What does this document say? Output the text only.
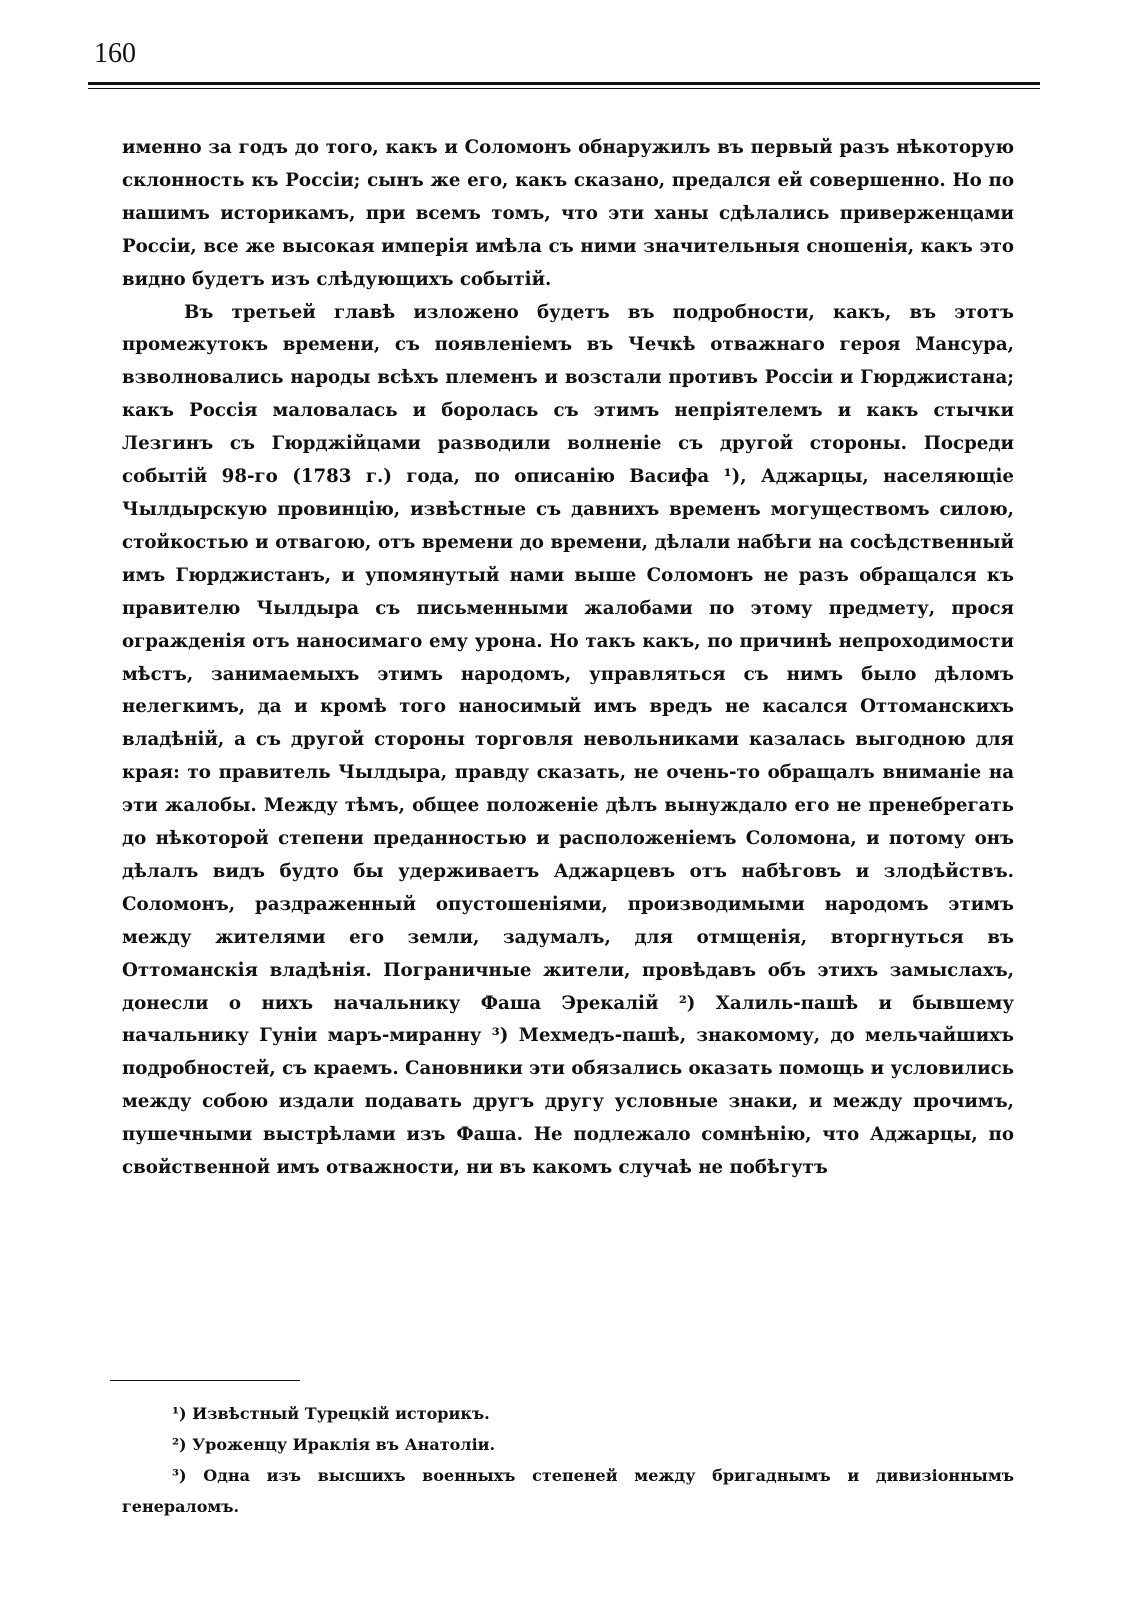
160

именно за годъ до того, какъ и Соломонъ обнаружилъ въ первый разъ нѣкоторую склонность къ Россіи; сынъ же его, какъ сказано, предался ей совершенно. Но по нашимъ историкамъ, при всемъ томъ, что эти ханы сдѣлались приверженцами Россіи, все же высокая имперія имѣла съ ними значительныя сношенія, какъ это видно будетъ изъ слѣдующихъ событій.

Въ третьей главѣ изложено будетъ въ подробности, какъ, въ этотъ промежутокъ времени, съ появленіемъ въ Чечкѣ отважнаго героя Мансура, взволновались народы всѣхъ племенъ и возстали противъ Россіи и Гюрджистана; какъ Россія маловалась и боролась съ этимъ непріятелемъ и какъ стычки Лезгинъ съ Гюрджійцами разводили волненіе съ другой стороны. Посреди событій 98-го (1783 г.) года, по описанію Васифа ¹), Аджарцы, населяющіе Чылдырскую провинцію, извѣстные съ давнихъ временъ могуществомъ силою, стойкостью и отвагою, отъ времени до времени, дѣлали набѣги на сосѣдственный имъ Гюрджистанъ, и упомянутый нами выше Соломонъ не разъ обращался къ правителю Чылдыра съ письменными жалобами по этому предмету, прося огражденія отъ наносимаго ему урона. Но такъ какъ, по причинѣ непроходимости мѣстъ, занимаемыхъ этимъ народомъ, управляться съ нимъ было дѣломъ нелегкимъ, да и кромѣ того наносимый имъ вредъ не касался Оттоманскихъ владѣній, а съ другой стороны торговля невольниками казалась выгодною для края: то правитель Чылдыра, правду сказать, не очень-то обращалъ вниманіе на эти жалобы. Между тѣмъ, общее положеніе дѣлъ вынуждало его не пренебрегать до нѣкоторой степени преданностью и расположеніемъ Соломона, и потому онъ дѣлалъ видъ будто бы удерживаетъ Аджарцевъ отъ набѣговъ и злодѣйствъ. Соломонъ, раздраженный опустошеніями, производимыми народомъ этимъ между жителями его земли, задумалъ, для отмщенія, вторгнуться въ Оттоманскія владѣнія. Пограничные жители, провѣдавъ объ этихъ замыслахъ, донесли о нихъ начальнику Фаша Эрекалій ²) Халиль-пашѣ и бывшему начальнику Гуніи маръ-миранну ³) Мехмедъ-пашѣ, знакомому, до мельчайшихъ подробностей, съ краемъ. Сановники эти обязались оказать помощь и условились между собою издали подавать другъ другу условные знаки, и между прочимъ, пушечными выстрѣлами изъ Фаша. Не подлежало сомнѣнію, что Аджарцы, по свойственной имъ отважности, ни въ какомъ случаѣ не побѣгутъ

¹) Извѣстный Турецкій историкъ.

²) Уроженцу Ираклія въ Анатоліи.

³) Одна изъ высшихъ военныхъ степеней между бригаднымъ и дивизіоннымъ генераломъ.
